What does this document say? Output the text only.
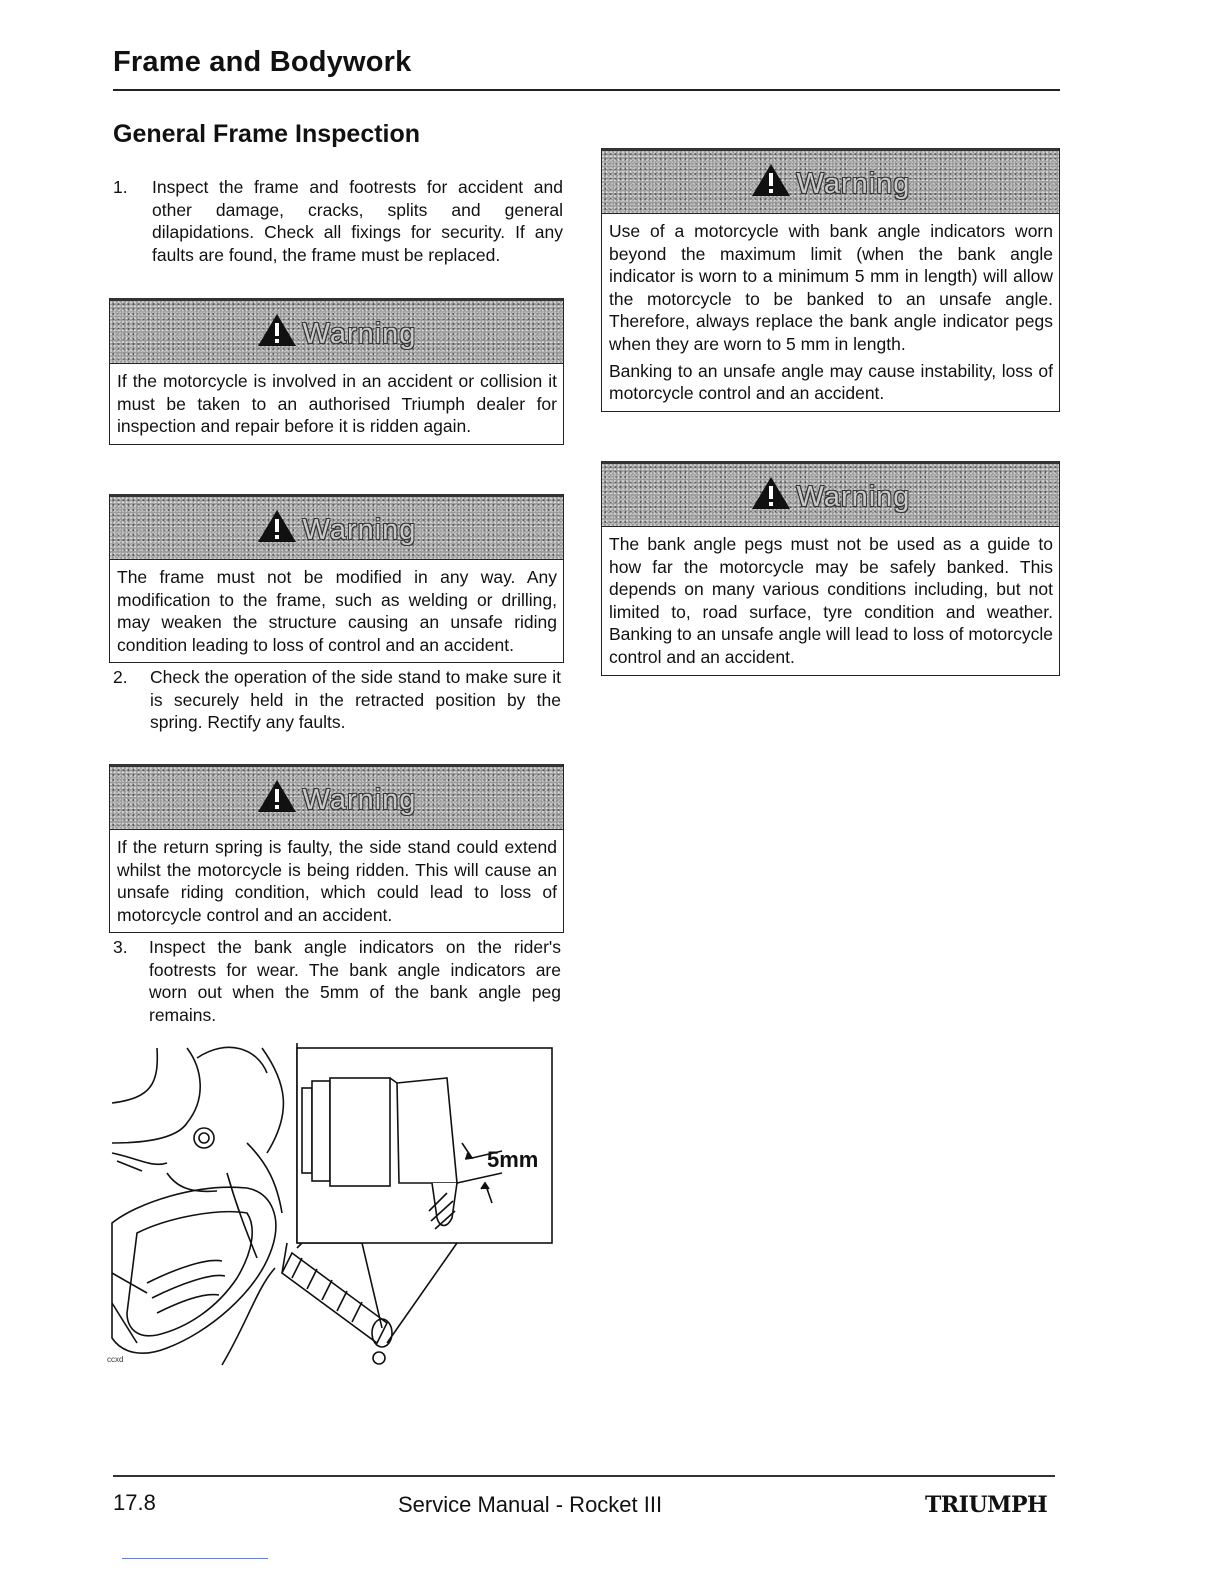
Frame and Bodywork
General Frame Inspection
1. Inspect the frame and footrests for accident and other damage, cracks, splits and general dilapidations. Check all fixings for security. If any faults are found, the frame must be replaced.
Warning

If the motorcycle is involved in an accident or collision it must be taken to an authorised Triumph dealer for inspection and repair before it is ridden again.

Warning

The frame must not be modified in any way. Any modification to the frame, such as welding or drilling, may weaken the structure causing an unsafe riding condition leading to loss of control and an accident.

2. Check the operation of the side stand to make sure it is securely held in the retracted position by the spring. Rectify any faults.
Warning

If the return spring is faulty, the side stand could extend whilst the motorcycle is being ridden. This will cause an unsafe riding condition, which could lead to loss of motorcycle control and an accident.

3. Inspect the bank angle indicators on the rider's footrests for wear. The bank angle indicators are worn out when the 5mm of the bank angle peg remains.
5mm
ccxd
Warning

Use of a motorcycle with bank angle indicators worn beyond the maximum limit (when the bank angle indicator is worn to a minimum 5 mm in length) will allow the motorcycle to be banked to an unsafe angle. Therefore, always replace the bank angle indicator pegs when they are worn to 5 mm in length.

Banking to an unsafe angle may cause instability, loss of motorcycle control and an accident.

Warning

The bank angle pegs must not be used as a guide to how far the motorcycle may be safely banked. This depends on many various conditions including, but not limited to, road surface, tyre condition and weather. Banking to an unsafe angle will lead to loss of motorcycle control and an accident.

17.8	Service Manual - Rocket III	TRIUMPH
